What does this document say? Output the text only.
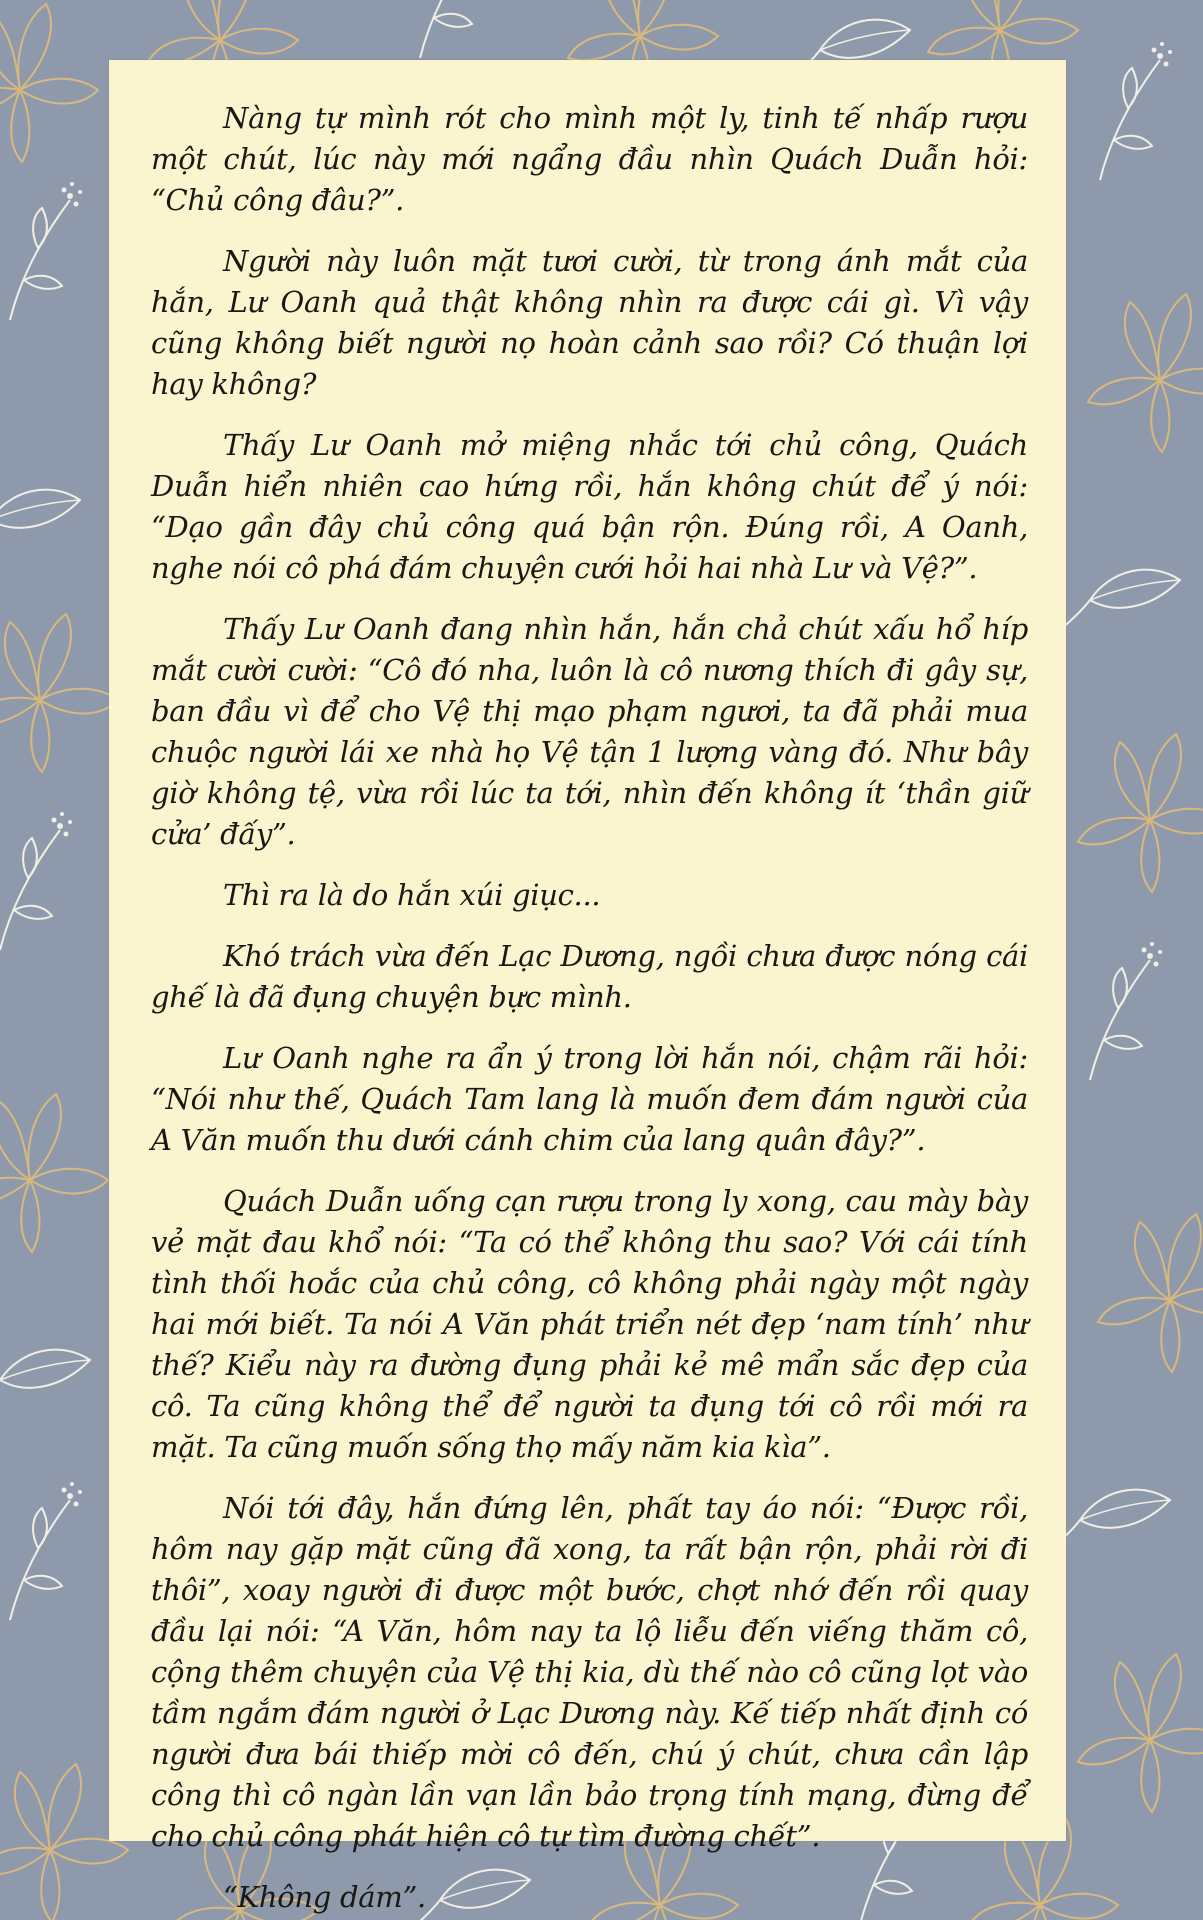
Nàng tự mình rót cho mình một ly, tinh tế nhấp rượu một chút, lúc này mới ngẩng đầu nhìn Quách Duẫn hỏi: “Chủ công đâu?”.

Người này luôn mặt tươi cười, từ trong ánh mắt của hắn, Lư Oanh quả thật không nhìn ra được cái gì. Vì vậy cũng không biết người nọ hoàn cảnh sao rồi? Có thuận lợi hay không?

Thấy Lư Oanh mở miệng nhắc tới chủ công, Quách Duẫn hiển nhiên cao hứng rồi, hắn không chút để ý nói: “Dạo gần đây chủ công quá bận rộn. Đúng rồi, A Oanh, nghe nói cô phá đám chuyện cưới hỏi hai nhà Lư và Vệ?”.

Thấy Lư Oanh đang nhìn hắn, hắn chả chút xấu hổ híp mắt cười cười: “Cô đó nha, luôn là cô nương thích đi gây sự, ban đầu vì để cho Vệ thị mạo phạm ngươi, ta đã phải mua chuộc người lái xe nhà họ Vệ tận 1 lượng vàng đó. Như bây giờ không tệ, vừa rồi lúc ta tới, nhìn đến không ít ‘thần giữ cửa’ đấy”.

Thì ra là do hắn xúi giục...

Khó trách vừa đến Lạc Dương, ngồi chưa được nóng cái ghế là đã đụng chuyện bực mình.

Lư Oanh nghe ra ẩn ý trong lời hắn nói, chậm rãi hỏi: “Nói như thế, Quách Tam lang là muốn đem đám người của A Văn muốn thu dưới cánh chim của lang quân đây?”.

Quách Duẫn uống cạn rượu trong ly xong, cau mày bày vẻ mặt đau khổ nói: “Ta có thể không thu sao? Với cái tính tình thối hoắc của chủ công, cô không phải ngày một ngày hai mới biết. Ta nói A Văn phát triển nét đẹp ‘nam tính’ như thế? Kiểu này ra đường đụng phải kẻ mê mẩn sắc đẹp của cô. Ta cũng không thể để người ta đụng tới cô rồi mới ra mặt. Ta cũng muốn sống thọ mấy năm kia kìa”.

Nói tới đây, hắn đứng lên, phất tay áo nói: “Được rồi, hôm nay gặp mặt cũng đã xong, ta rất bận rộn, phải rời đi thôi”, xoay người đi được một bước, chợt nhớ đến rồi quay đầu lại nói: “A Văn, hôm nay ta lộ liễu đến viếng thăm cô, cộng thêm chuyện của Vệ thị kia, dù thế nào cô cũng lọt vào tầm ngắm đám người ở Lạc Dương này. Kế tiếp nhất định có người đưa bái thiếp mời cô đến, chú ý chút, chưa cần lập công thì cô ngàn lần vạn lần bảo trọng tính mạng, đừng để cho chủ công phát hiện cô tự tìm đường chết”.

“Không dám”.
